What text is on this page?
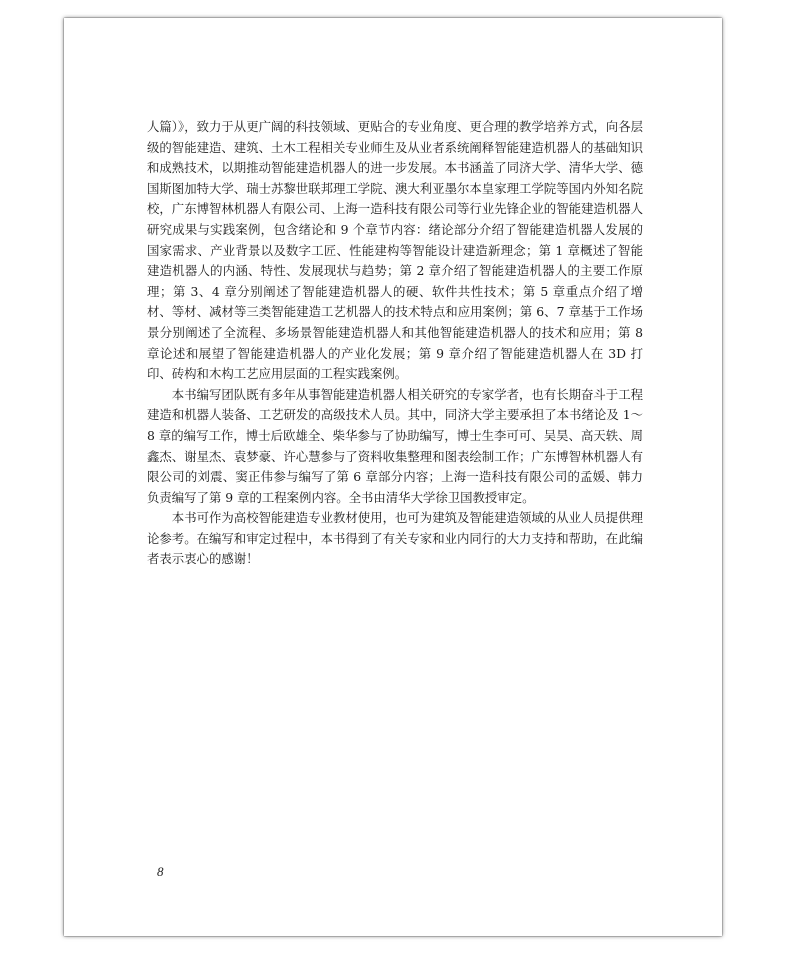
人篇）》，致力于从更广阔的科技领域、更贴合的专业角度、更合理的教学培养方式，向各层级的智能建造、建筑、土木工程相关专业师生及从业者系统阐释智能建造机器人的基础知识和成熟技术，以期推动智能建造机器人的进一步发展。本书涵盖了同济大学、清华大学、德国斯图加特大学、瑞士苏黎世联邦理工学院、澳大利亚墨尔本皇家理工学院等国内外知名院校，广东博智林机器人有限公司、上海一造科技有限公司等行业先锋企业的智能建造机器人研究成果与实践案例，包含绪论和 9 个章节内容：绪论部分介绍了智能建造机器人发展的国家需求、产业背景以及数字工匠、性能建构等智能设计建造新理念；第 1 章概述了智能建造机器人的内涵、特性、发展现状与趋势；第 2 章介绍了智能建造机器人的主要工作原理；第 3、4 章分别阐述了智能建造机器人的硬、软件共性技术；第 5 章重点介绍了增材、等材、减材等三类智能建造工艺机器人的技术特点和应用案例；第 6、7 章基于工作场景分别阐述了全流程、多场景智能建造机器人和其他智能建造机器人的技术和应用；第 8 章论述和展望了智能建造机器人的产业化发展；第 9 章介绍了智能建造机器人在 3D 打印、砖构和木构工艺应用层面的工程实践案例。

本书编写团队既有多年从事智能建造机器人相关研究的专家学者，也有长期奋斗于工程建造和机器人装备、工艺研发的高级技术人员。其中，同济大学主要承担了本书绪论及 1～8 章的编写工作，博士后欧雄全、柴华参与了协助编写，博士生李可可、吴昊、高天轶、周鑫杰、谢星杰、袁梦豪、许心慧参与了资料收集整理和图表绘制工作；广东博智林机器人有限公司的刘震、窦正伟参与编写了第 6 章部分内容；上海一造科技有限公司的孟媛、韩力负责编写了第 9 章的工程案例内容。全书由清华大学徐卫国教授审定。

本书可作为高校智能建造专业教材使用，也可为建筑及智能建造领域的从业人员提供理论参考。在编写和审定过程中，本书得到了有关专家和业内同行的大力支持和帮助，在此编者表示衷心的感谢！

8
